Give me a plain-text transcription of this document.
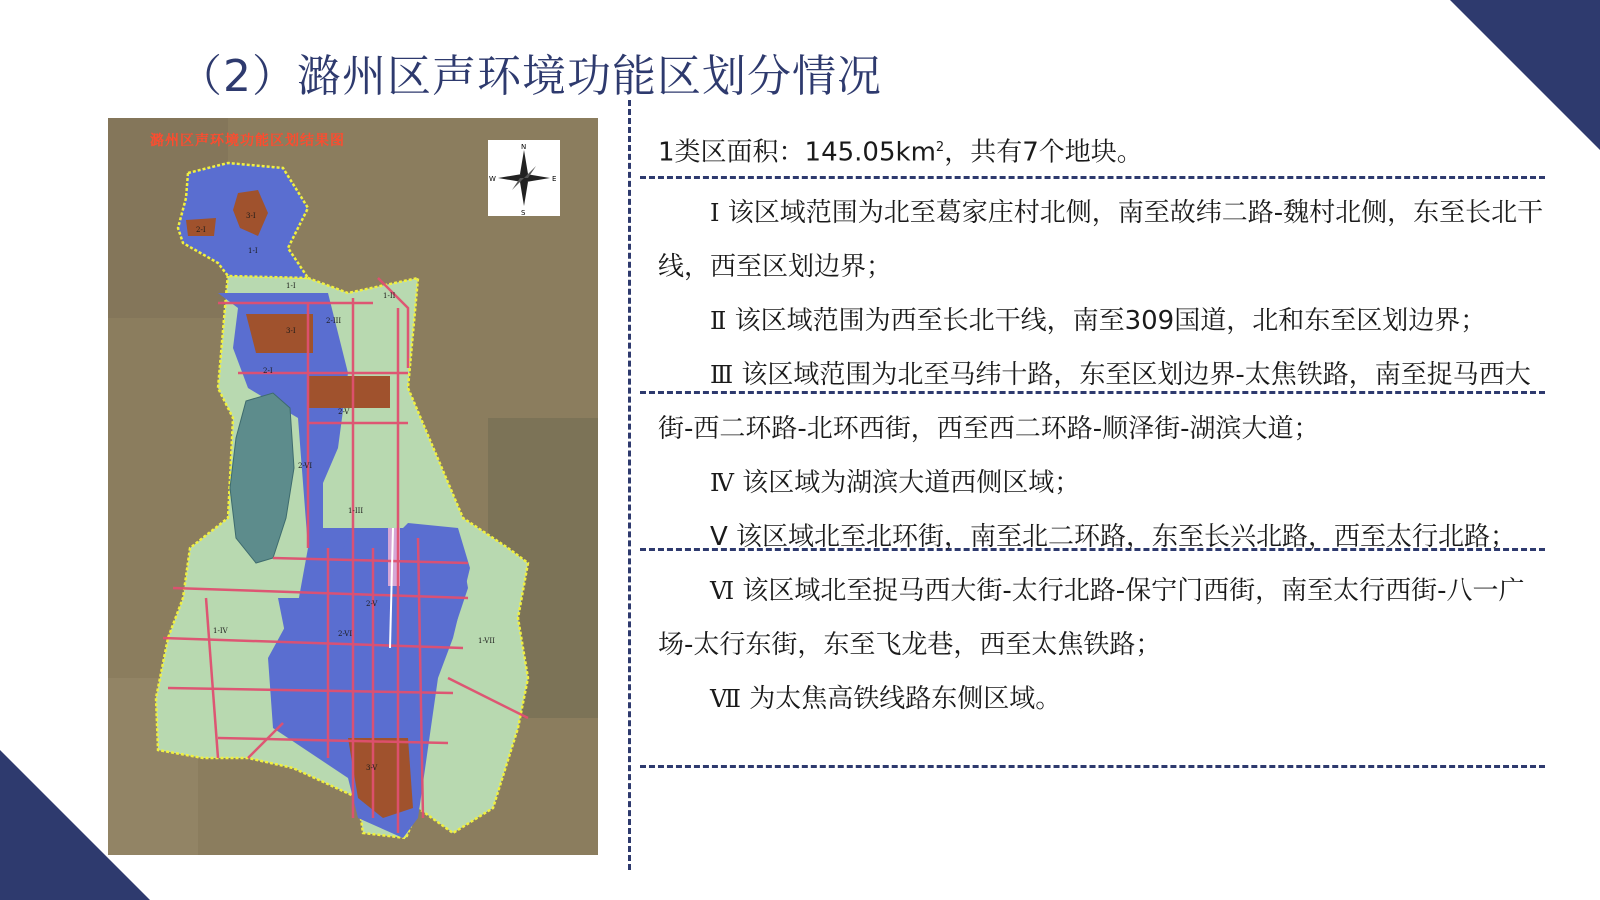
（2）潞州区声环境功能区划分情况
潞州区声环境功能区划结果图	N
S
E
W
3-I
2-I
1-I
1-I
3-I
2-III
1-II
2-I
2-V
2-VI
1-III
1-IV
1-VII
2-V
2-VI
3-V
1类区面积：$145.05km^2$，共有7个地块。

Ⅰ 该区域范围为北至葛家庄村北侧，南至故纬二路-魏村北侧，东至长北干线，西至区划边界；

Ⅱ 该区域范围为西至长北干线，南至309国道，北和东至区划边界；

Ⅲ 该区域范围为北至马纬十路，东至区划边界-太焦铁路，南至捉马西大街-西二环路-北环西街，西至西二环路-顺泽街-湖滨大道；

Ⅳ 该区域为湖滨大道西侧区域；

V 该区域北至北环街，南至北二环路，东至长兴北路，西至太行北路；

Ⅵ 该区域北至捉马西大街-太行北路-保宁门西街，南至太行西街-八一广场-太行东街，东至飞龙巷，西至太焦铁路；

Ⅶ 为太焦高铁线路东侧区域。
